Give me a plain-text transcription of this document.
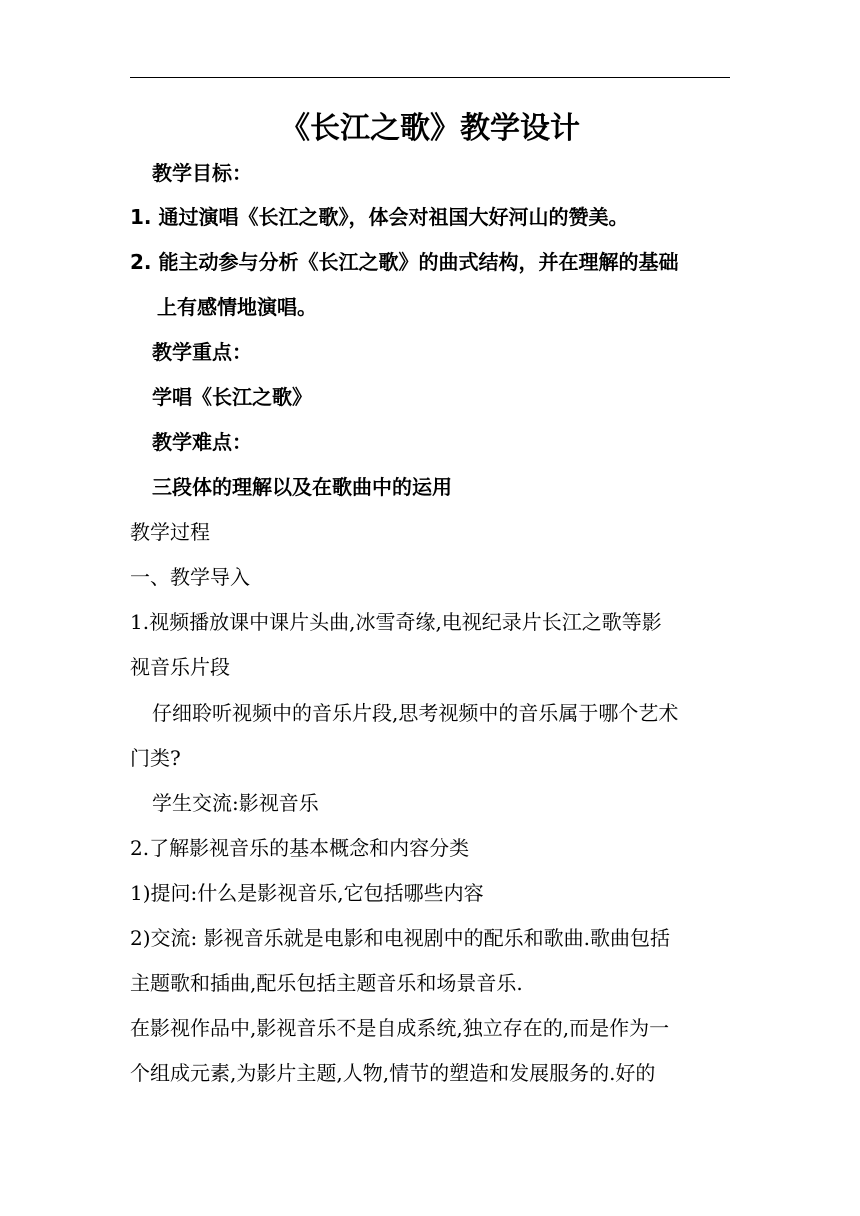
《长江之歌》教学设计
教学目标：
1. 通过演唱《长江之歌》，体会对祖国大好河山的赞美。
2. 能主动参与分析《长江之歌》的曲式结构，并在理解的基础
上有感情地演唱。
教学重点：
学唱《长江之歌》
教学难点：
三段体的理解以及在歌曲中的运用
教学过程
一、教学导入
1.视频播放课中课片头曲,冰雪奇缘,电视纪录片长江之歌等影
视音乐片段
仔细聆听视频中的音乐片段,思考视频中的音乐属于哪个艺术
门类?
学生交流:影视音乐
2.了解影视音乐的基本概念和内容分类
1)提问:什么是影视音乐,它包括哪些内容
2)交流: 影视音乐就是电影和电视剧中的配乐和歌曲.歌曲包括
主题歌和插曲,配乐包括主题音乐和场景音乐.
在影视作品中,影视音乐不是自成系统,独立存在的,而是作为一
个组成元素,为影片主题,人物,情节的塑造和发展服务的.好的
